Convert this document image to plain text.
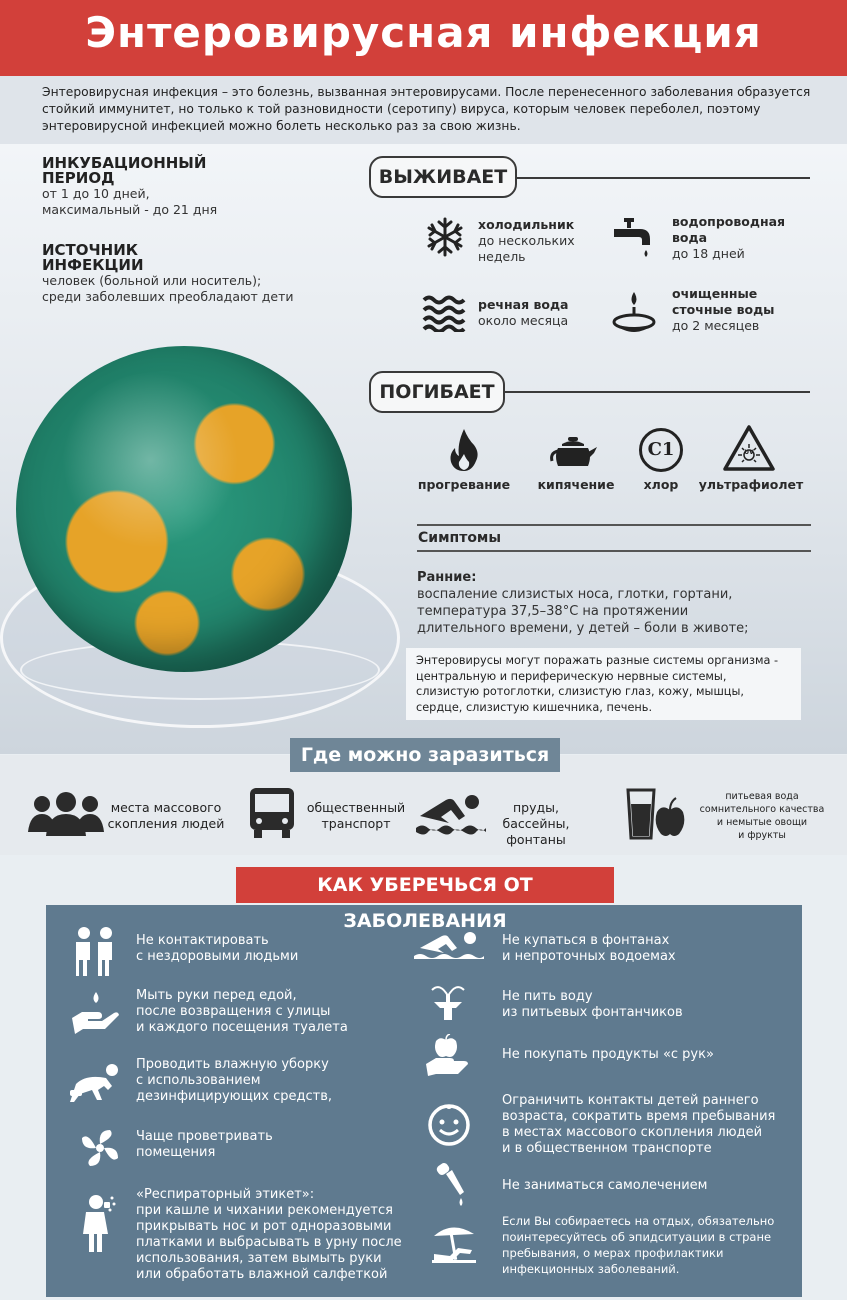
Энтеровирусная инфекция
Энтеровирусная инфекция – это болезнь, вызванная энтеровирусами. После перенесенного заболевания образуется стойкий иммунитет, но только к той разновидности (серотипу) вируса, которым человек переболел, поэтому энтеровирусной инфекцией можно болеть несколько раз за свою жизнь.
ИНКУБАЦИОННЫЙ
ПЕРИОД
от 1 до 10 дней,
максимальный - до 21 дня
ИСТОЧНИК
ИНФЕКЦИИ
человек (больной или носитель);
среди заболевших преобладают дети
ВЫЖИВАЕТ
холодильник
до нескольких
недель
водопроводная
вода
до 18 дней
речная вода
около месяца
очищенные
сточные воды
до 2 месяцев
ПОГИБАЕТ
прогревание	кипячение
C1
хлор
UV
ультрафиолет
Симптомы
Ранние:
воспаление слизистых носа, глотки, гортани,
температура 37,5–38°С на протяжении
длительного времени, у детей – боли в животе;
Энтеровирусы могут поражать разные системы организма -
центральную и периферическую нервные системы,
слизистую ротоглотки, слизистую глаз, кожу, мышцы,
сердце, слизистую кишечника, печень.
Где можно заразиться
места массового
скопления людей
общественный
транспорт
пруды, бассейны,
фонтаны
питьевая вода
сомнительного качества
и немытые овощи
и фрукты
КАК УБЕРЕЧЬСЯ ОТ ЗАБОЛЕВАНИЯ
Не контактировать
с нездоровыми людьми
Мыть руки перед едой,
после возвращения с улицы
и каждого посещения туалета
Проводить влажную уборку
с использованием
дезинфицирующих средств,
Чаще проветривать
помещения
«Респираторный этикет»:
при кашле и чихании рекомендуется
прикрывать нос и рот одноразовыми
платками и выбрасывать в урну после
использования, затем вымыть руки
или обработать влажной салфеткой
Не купаться в фонтанах
и непроточных водоемах
Не пить воду
из питьевых фонтанчиков
Не покупать продукты «с рук»
Ограничить контакты детей раннего
возраста, сократить время пребывания
в местах массового скопления людей
и в общественном транспорте
Не заниматься самолечением
Если Вы собираетесь на отдых, обязательно
поинтересуйтесь об эпидситуации в стране
пребывания, о мерах профилактики
инфекционных заболеваний.
